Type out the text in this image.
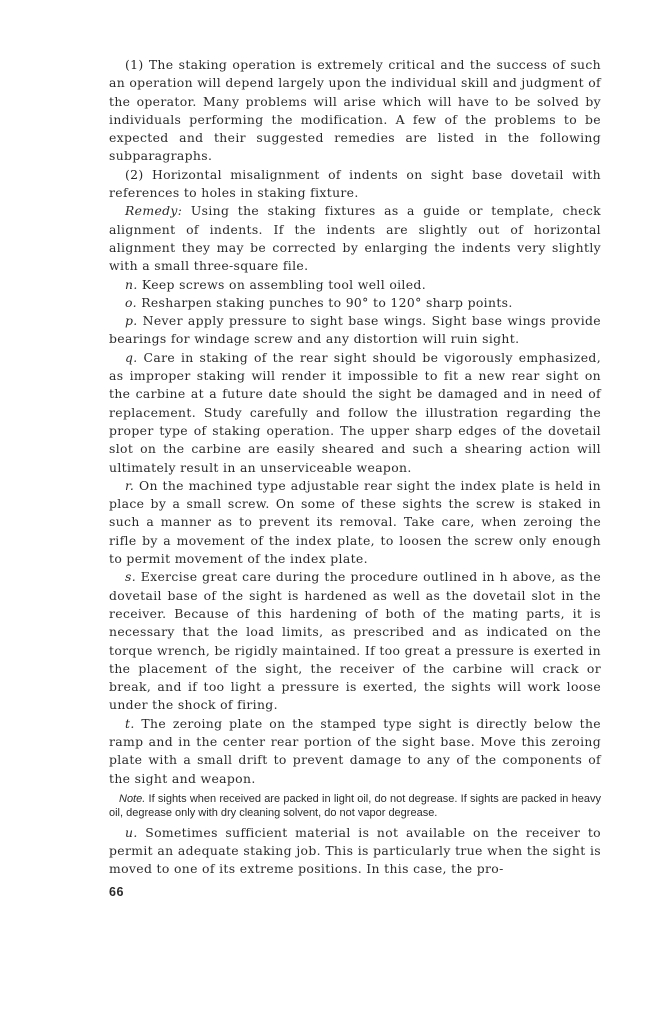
(1) The staking operation is extremely critical and the success of such an operation will depend largely upon the individual skill and judgment of the operator. Many problems will arise which will have to be solved by individuals performing the modification. A few of the problems to be expected and their suggested remedies are listed in the following subparagraphs.

(2) Horizontal misalignment of indents on sight base dovetail with references to holes in staking fixture.

Remedy: Using the staking fixtures as a guide or template, check alignment of indents. If the indents are slightly out of horizontal alignment they may be corrected by enlarging the indents very slightly with a small three-square file.

n. Keep screws on assembling tool well oiled.

o. Resharpen staking punches to 90° to 120° sharp points.

p. Never apply pressure to sight base wings. Sight base wings provide bearings for windage screw and any distortion will ruin sight.

q. Care in staking of the rear sight should be vigorously emphasized, as improper staking will render it impossible to fit a new rear sight on the carbine at a future date should the sight be damaged and in need of replacement. Study carefully and follow the illustration regarding the proper type of staking operation. The upper sharp edges of the dovetail slot on the carbine are easily sheared and such a shearing action will ultimately result in an unserviceable weapon.

r. On the machined type adjustable rear sight the index plate is held in place by a small screw. On some of these sights the screw is staked in such a manner as to prevent its removal. Take care, when zeroing the rifle by a movement of the index plate, to loosen the screw only enough to permit movement of the index plate.

s. Exercise great care during the procedure outlined in h above, as the dovetail base of the sight is hardened as well as the dovetail slot in the receiver. Because of this hardening of both of the mating parts, it is necessary that the load limits, as prescribed and as indicated on the torque wrench, be rigidly maintained. If too great a pressure is exerted in the placement of the sight, the receiver of the carbine will crack or break, and if too light a pressure is exerted, the sights will work loose under the shock of firing.

t. The zeroing plate on the stamped type sight is directly below the ramp and in the center rear portion of the sight base. Move this zeroing plate with a small drift to prevent damage to any of the components of the sight and weapon.

Note. If sights when received are packed in light oil, do not degrease. If sights are packed in heavy oil, degrease only with dry cleaning solvent, do not vapor degrease.

u. Sometimes sufficient material is not available on the receiver to permit an adequate staking job. This is particularly true when the sight is moved to one of its extreme positions. In this case, the pro-

66
